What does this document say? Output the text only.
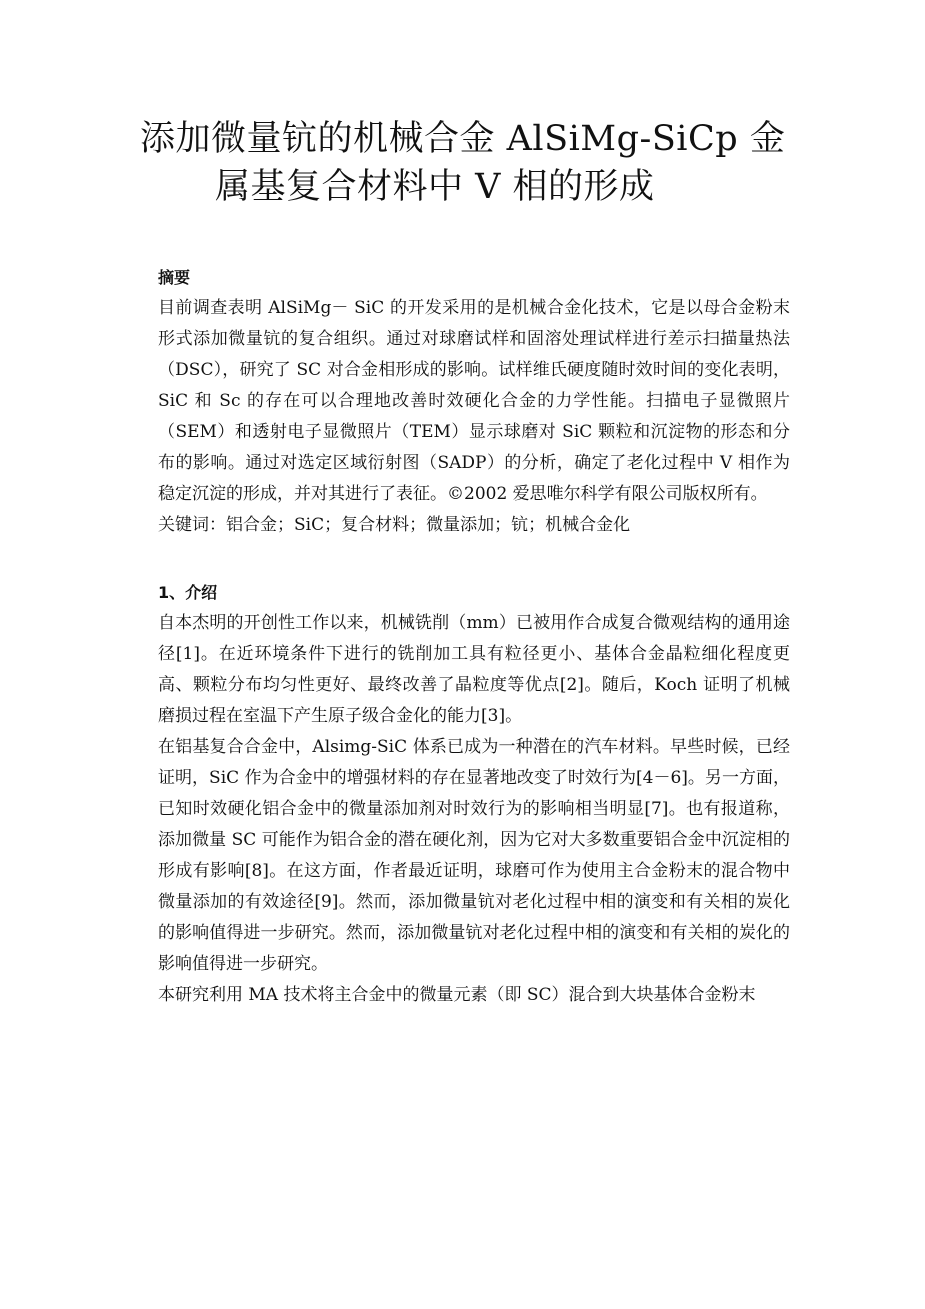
添加微量钪的机械合金 AlSiMg-SiCp 金
属基复合材料中 V 相的形成

摘要

目前调查表明 AlSiMg－ SiC 的开发采用的是机械合金化技术，它是以母合金粉末形式添加微量钪的复合组织。通过对球磨试样和固溶处理试样进行差示扫描量热法（DSC），研究了 SC 对合金相形成的影响。试样维氏硬度随时效时间的变化表明，SiC 和 Sc 的存在可以合理地改善时效硬化合金的力学性能。扫描电子显微照片（SEM）和透射电子显微照片（TEM）显示球磨对 SiC 颗粒和沉淀物的形态和分布的影响。通过对选定区域衍射图（SADP）的分析，确定了老化过程中 V 相作为稳定沉淀的形成，并对其进行了表征。©2002 爱思唯尔科学有限公司版权所有。

关键词：铝合金；SiC；复合材料；微量添加；钪；机械合金化

1、介绍

自本杰明的开创性工作以来，机械铣削（mm）已被用作合成复合微观结构的通用途径[1]。在近环境条件下进行的铣削加工具有粒径更小、基体合金晶粒细化程度更高、颗粒分布均匀性更好、最终改善了晶粒度等优点[2]。随后，Koch 证明了机械磨损过程在室温下产生原子级合金化的能力[3]。

在铝基复合合金中，Alsimg-SiC 体系已成为一种潜在的汽车材料。早些时候，已经证明，SiC 作为合金中的增强材料的存在显著地改变了时效行为[4－6]。另一方面，已知时效硬化铝合金中的微量添加剂对时效行为的影响相当明显[7]。也有报道称，添加微量 SC 可能作为铝合金的潜在硬化剂，因为它对大多数重要铝合金中沉淀相的形成有影响[8]。在这方面，作者最近证明，球磨可作为使用主合金粉末的混合物中微量添加的有效途径[9]。然而，添加微量钪对老化过程中相的演变和有关相的炭化的影响值得进一步研究。然而，添加微量钪对老化过程中相的演变和有关相的炭化的影响值得进一步研究。

本研究利用 MA 技术将主合金中的微量元素（即 SC）混合到大块基体合金粉末
